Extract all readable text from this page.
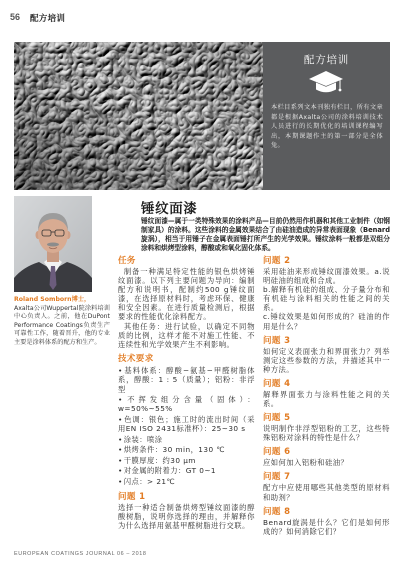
56 配方培训
配方培训
本栏目系列文本刊独有栏目，所有文章都是根据Axalta公司的涂料培训技术人员进行的长期优化的培训课程编写出，本期课题作主的第一部分是全体兔。
Roland Somborn博士，
Axalta公司Wuppertal院涂料培训中心负责人。之前，他在DuPont Performance Coatings负责生产可靠性工作，随着晋升，他的专业主要是涂料体系的配方和生产。
锤纹面漆
锤纹面漆—属于一类特殊效果的涂料产品—目前仍然用作机器和其他工业制件（如钢制家具）的涂料。这些涂料的金属效果结合了由硅油造成的异常表面现象（Benard旋涡），相当于用锤子在金属表面锤打所产生的光学效果。锤纹涂料一般都是双组分涂料和烘烤型涂料，醇酸或和氧化固化体系。
任务

制备一种满足特定性能的银色烘烤锤纹面漆。以下列主要问题为导向：编制配方和说明书，配制约500 g锤纹面漆，在选择原材料时，考虑环保、健康和安全因素。在进行质量检测后，根据要求的性能优化涂料配方。

其他任务：进行试验，以确定不同物质的比例，这样才能不对施工性能、不连续性和光学效果产生不利影响。

技术要求
• 基料体系：醇酸−氨基−甲醛树脂体系，醇酸：1 : 5（质量）；铝粉：非浮型
• 不挥发组分含量（固体）：w=50%~55%
• 色调：银色；施工时的流出时间（采用EN ISO 2431标准杯）：25~30 s
• 涂装：喷涂
• 烘烤条件：30 min，130 ℃
• 干膜厚度：约30 μm
• 对金属的附着力：GT 0~1
• 闪点：> 21℃
问题 1

选择一种适合制备烘烤型锤纹面漆的醇酸树脂，说明你选择的理由，并解释你为什么选择用氨基甲醛树脂进行交联。

问题 2

采用硅油来形成锤纹面漆效果。a.说明硅油的组成和合成。

b.解释有机硅的组成、分子量分布和有机硅与涂料相关的性能之间的关系。

c.锤纹效果是如何形成的？硅油的作用是什么？

问题 3

如何定义表面张力和界面张力？列举测定这些参数的方法，并描述其中一种方法。

问题 4

解释界面张力与涂料性能之间的关系。

问题 5

说明制作非浮型铝粉的工艺，这些特殊铝粉对涂料的特性是什么？

问题 6

应如何加入铝粉和硅油？

问题 7

配方中应使用哪些其他类型的原材料和助剂？

问题 8

Benard旋涡是什么？它们是如何形成的？如何消除它们？

EUROPEAN COATINGS JOURNAL 06 – 2018
